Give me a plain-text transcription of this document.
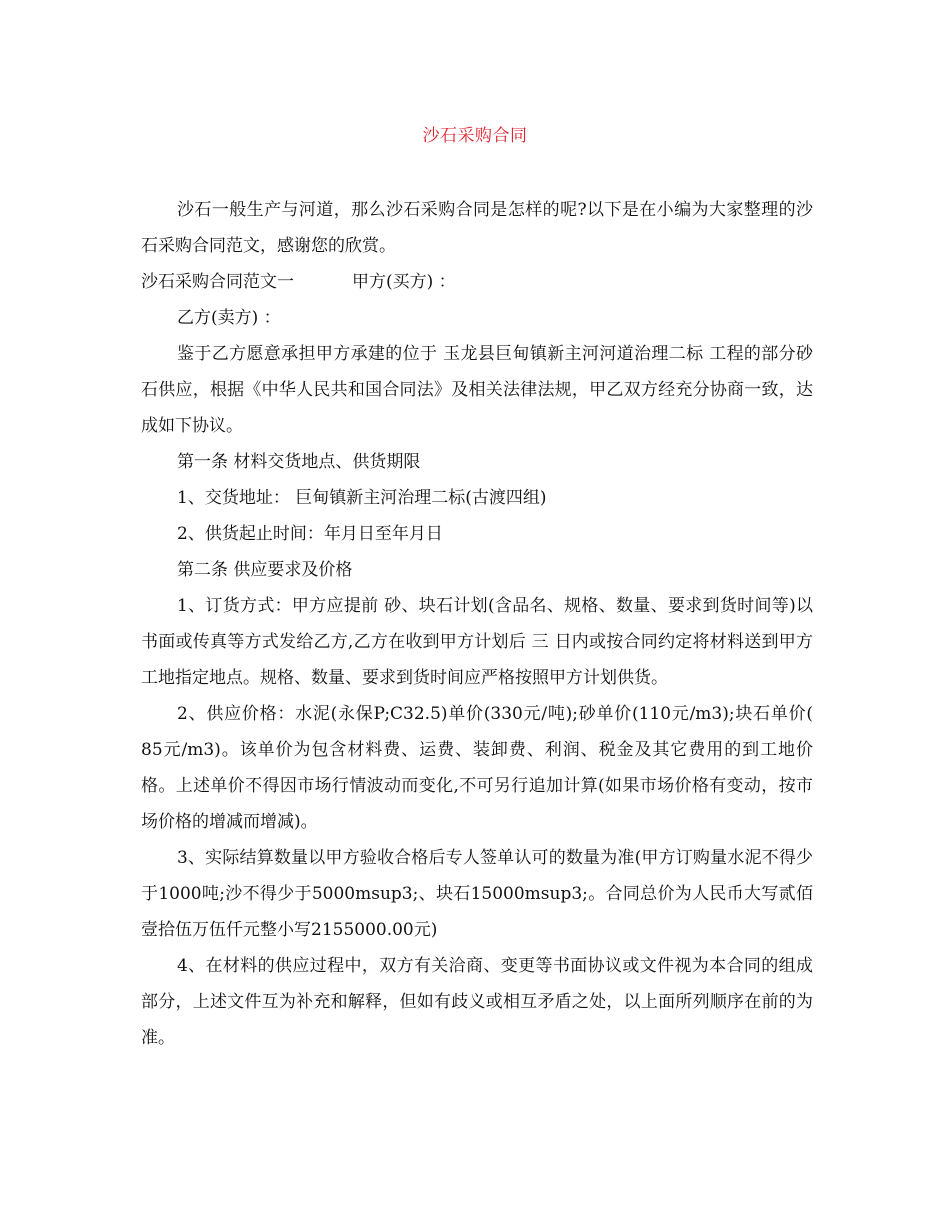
沙石采购合同

沙石一般生产与河道，那么沙石采购合同是怎样的呢?以下是在小编为大家整理的沙石采购合同范文，感谢您的欣赏。

沙石采购合同范文一	甲方(买方) ：

乙方(卖方) ：

鉴于乙方愿意承担甲方承建的位于 玉龙县巨甸镇新主河河道治理二标 工程的部分砂石供应，根据《中华人民共和国合同法》及相关法律法规，甲乙双方经充分协商一致，达成如下协议。

第一条 材料交货地点、供货期限

1、交货地址： 巨甸镇新主河治理二标(古渡四组)

2、供货起止时间：年月日至年月日

第二条 供应要求及价格

1、订货方式：甲方应提前 砂、块石计划(含品名、规格、数量、要求到货时间等)以书面或传真等方式发给乙方,乙方在收到甲方计划后 三 日内或按合同约定将材料送到甲方工地指定地点。规格、数量、要求到货时间应严格按照甲方计划供货。

2、供应价格：水泥(永保P;C32.5)单价(330元/吨);砂单价(110元/m3);块石单价( 85元/m3)。该单价为包含材料费、运费、装卸费、利润、税金及其它费用的到工地价格。上述单价不得因市场行情波动而变化,不可另行追加计算(如果市场价格有变动，按市场价格的增减而增减)。

3、实际结算数量以甲方验收合格后专人签单认可的数量为准(甲方订购量水泥不得少于1000吨;沙不得少于5000msup3;、块石15000msup3;。合同总价为人民币大写贰佰壹拾伍万伍仟元整小写2155000.00元)

4、在材料的供应过程中，双方有关洽商、变更等书面协议或文件视为本合同的组成部分，上述文件互为补充和解释，但如有歧义或相互矛盾之处，以上面所列顺序在前的为准。
